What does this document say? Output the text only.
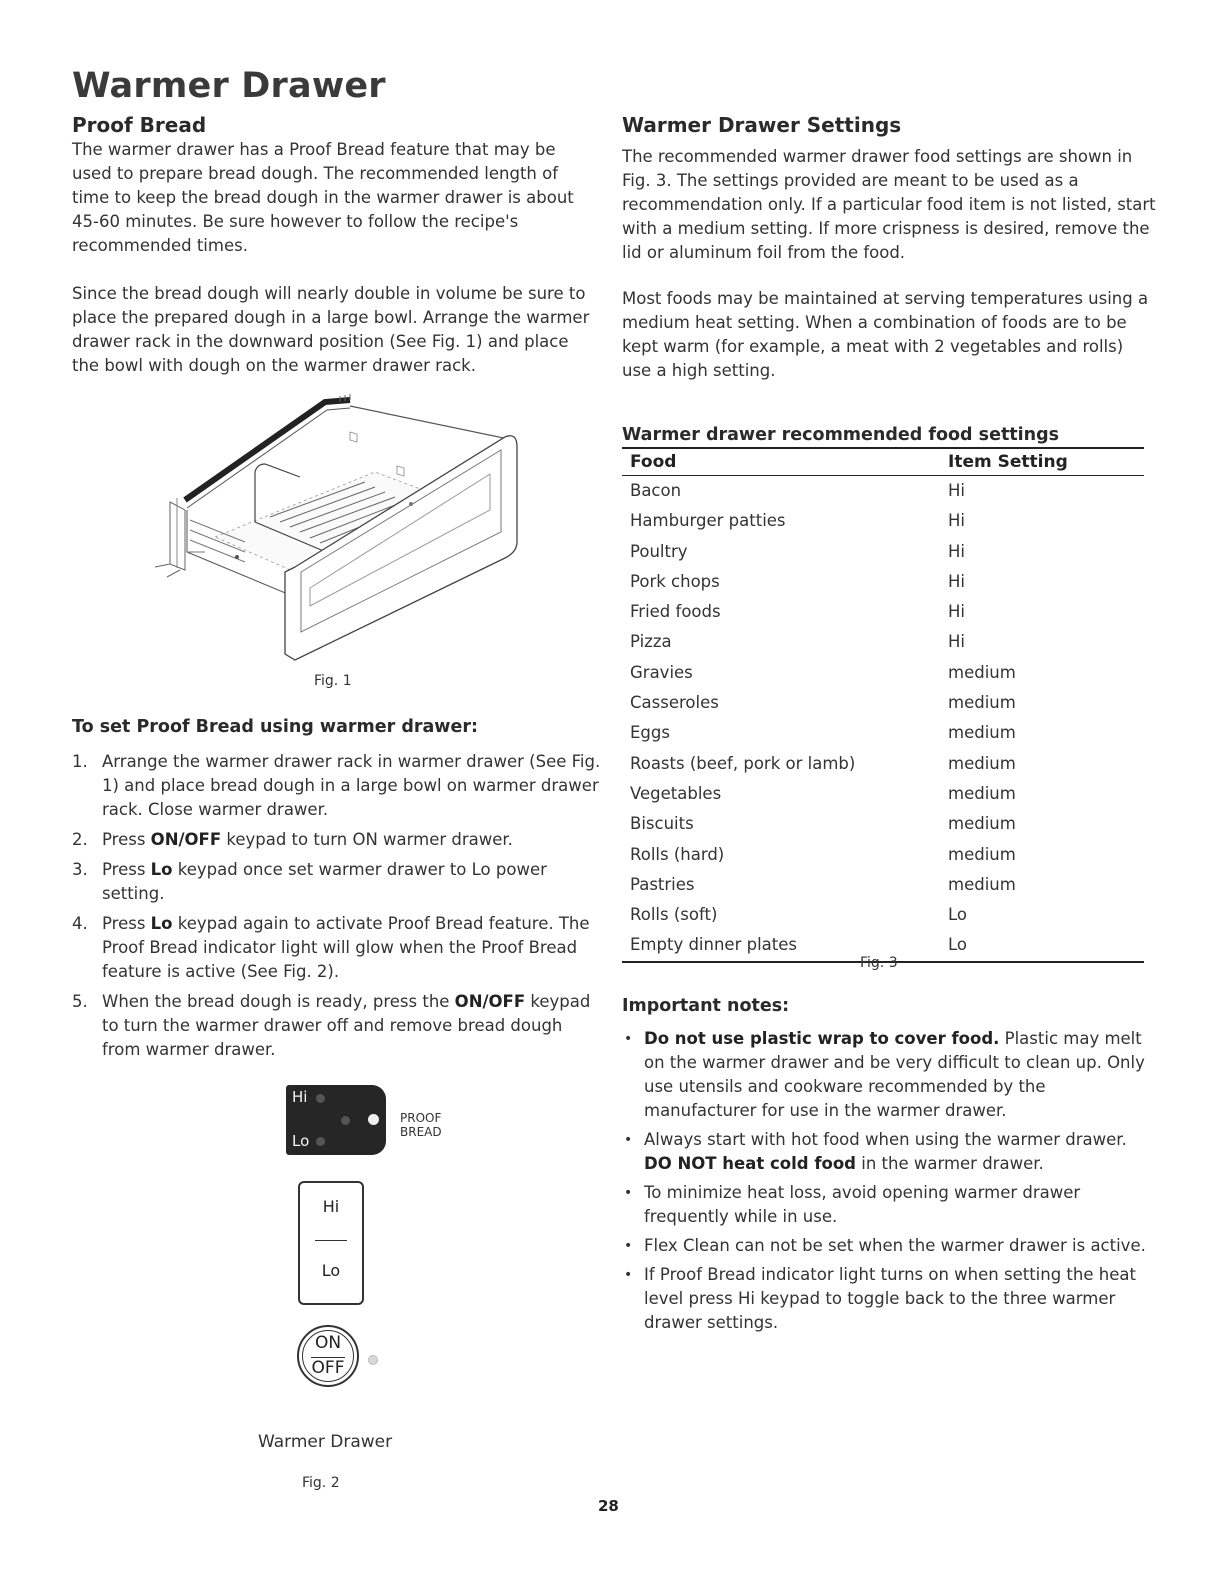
Warmer Drawer
Proof Bread

The warmer drawer has a Proof Bread feature that may be used to prepare bread dough. The recommended length of time to keep the bread dough in the warmer drawer is about 45-60 minutes. Be sure however to follow the recipe's recommended times.

Since the bread dough will nearly double in volume be sure to place the prepared dough in a large bowl. Arrange the warmer drawer rack in the downward position (See Fig. 1) and place the bowl with dough on the warmer drawer rack.

Fig. 1
To set Proof Bread using warmer drawer:
1. Arrange the warmer drawer rack in warmer drawer (See Fig. 1) and place bread dough in a large bowl on warmer drawer rack. Close warmer drawer.
2. Press ON/OFF keypad to turn ON warmer drawer.
3. Press Lo keypad once set warmer drawer to Lo power setting.
4. Press Lo keypad again to activate Proof Bread feature. The Proof Bread indicator light will glow when the Proof Bread feature is active (See Fig. 2).
5. When the bread dough is ready, press the ON/OFF keypad to turn the warmer drawer off and remove bread dough from warmer drawer.
Hi
Lo
PROOF
BREAD
Hi
Lo
ON
OFF
Warmer Drawer
Fig. 2
Warmer Drawer Settings

The recommended warmer drawer food settings are shown in Fig. 3. The settings provided are meant to be used as a recommendation only. If a particular food item is not listed, start with a medium setting. If more crispness is desired, remove the lid or aluminum foil from the food.

Most foods may be maintained at serving temperatures using a medium heat setting. When a combination of foods are to be kept warm (for example, a meat with 2 vegetables and rolls) use a high setting.

Warmer drawer recommended food settings
Food	Item Setting
Bacon	Hi
Hamburger patties	Hi
Poultry	Hi
Pork chops	Hi
Fried foods	Hi
Pizza	Hi
Gravies	medium
Casseroles	medium
Eggs	medium
Roasts (beef, pork or lamb)	medium
Vegetables	medium
Biscuits	medium
Rolls (hard)	medium
Pastries	medium
Rolls (soft)	Lo
Empty dinner plates	Lo
Fig. 3
Important notes:
• Do not use plastic wrap to cover food. Plastic may melt on the warmer drawer and be very difficult to clean up. Only use utensils and cookware recommended by the manufacturer for use in the warmer drawer.
• Always start with hot food when using the warmer drawer. DO NOT heat cold food in the warmer drawer.
• To minimize heat loss, avoid opening warmer drawer frequently while in use.
• Flex Clean can not be set when the warmer drawer is active.
• If Proof Bread indicator light turns on when setting the heat level press Hi keypad to toggle back to the three warmer drawer settings.
28
